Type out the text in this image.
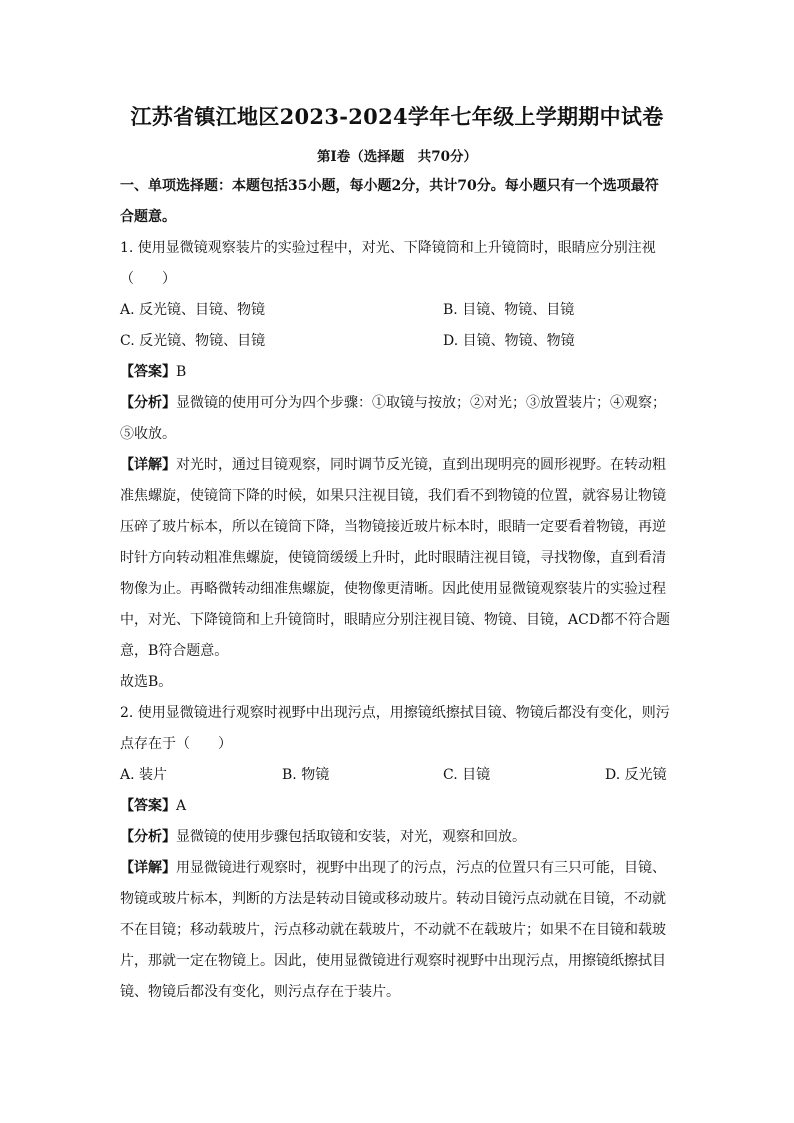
江苏省镇江地区2023-2024学年七年级上学期期中试卷
第I卷（选择题　共70分）
一、单项选择题：本题包括35小题，每小题2分，共计70分。每小题只有一个选项最符
合题意。
1. 使用显微镜观察装片的实验过程中，对光、下降镜筒和上升镜筒时，眼睛应分别注视
（　　）
A. 反光镜、目镜、物镜	B. 目镜、物镜、目镜
C. 反光镜、物镜、目镜	D. 目镜、物镜、物镜
【答案】B
【分析】显微镜的使用可分为四个步骤：①取镜与按放；②对光；③放置装片；④观察；
⑤收放。
【详解】对光时，通过目镜观察，同时调节反光镜，直到出现明亮的圆形视野。在转动粗
准焦螺旋，使镜筒下降的时候，如果只注视目镜，我们看不到物镜的位置，就容易让物镜
压碎了玻片标本，所以在镜筒下降，当物镜接近玻片标本时，眼睛一定要看着物镜，再逆
时针方向转动粗准焦螺旋，使镜筒缓缓上升时，此时眼睛注视目镜，寻找物像，直到看清
物像为止。再略微转动细准焦螺旋，使物像更清晰。因此使用显微镜观察装片的实验过程
中，对光、下降镜筒和上升镜筒时，眼睛应分别注视目镜、物镜、目镜，ACD都不符合题
意，B符合题意。
故选B。
2. 使用显微镜进行观察时视野中出现污点，用擦镜纸擦拭目镜、物镜后都没有变化，则污
点存在于（　　）
A. 装片	B. 物镜	C. 目镜	D. 反光镜
【答案】A
【分析】显微镜的使用步骤包括取镜和安装，对光，观察和回放。
【详解】用显微镜进行观察时，视野中出现了的污点，污点的位置只有三只可能，目镜、
物镜或玻片标本，判断的方法是转动目镜或移动玻片。转动目镜污点动就在目镜，不动就
不在目镜；移动载玻片，污点移动就在载玻片，不动就不在载玻片；如果不在目镜和载玻
片，那就一定在物镜上。因此，使用显微镜进行观察时视野中出现污点，用擦镜纸擦拭目
镜、物镜后都没有变化，则污点存在于装片。
